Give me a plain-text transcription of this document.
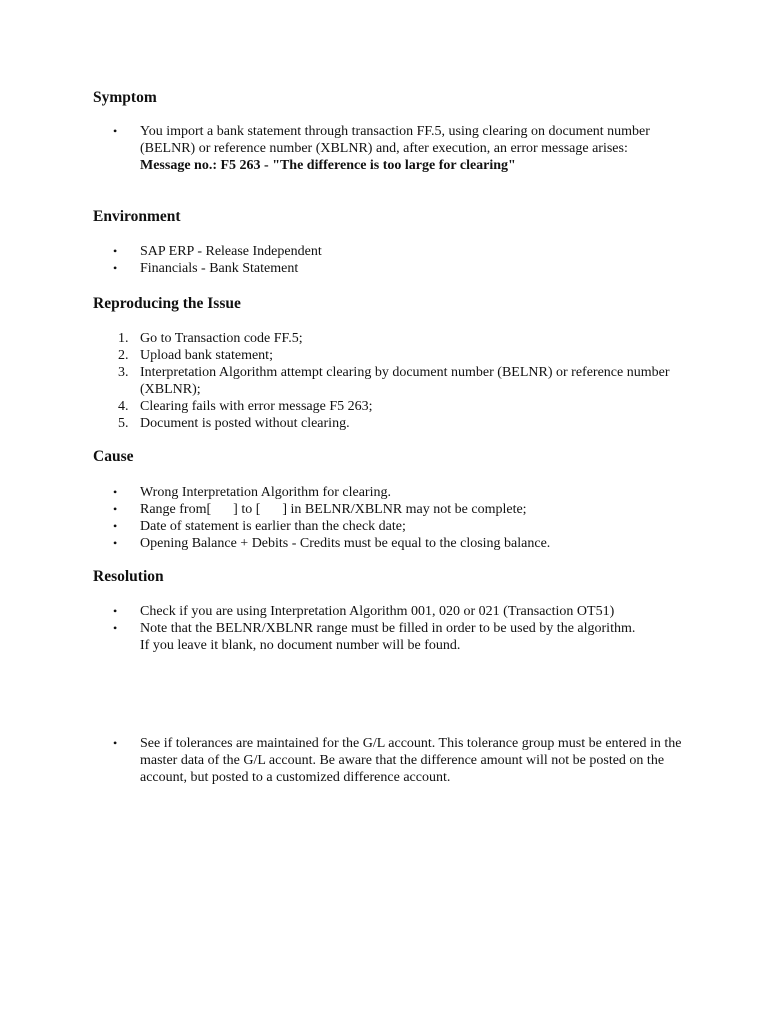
Symptom
• You import a bank statement through transaction FF.5, using clearing on document number (BELNR) or reference number (XBLNR) and, after execution, an error message arises:
Message no.: F5 263 - "The difference is too large for clearing"
Environment
• SAP ERP - Release Independent
• Financials - Bank Statement
Reproducing the Issue
1. Go to Transaction code FF.5;
2. Upload bank statement;
3. Interpretation Algorithm attempt clearing by document number (BELNR) or reference number (XBLNR);
4. Clearing fails with error message F5 263;
5. Document is posted without clearing.
Cause
• Wrong Interpretation Algorithm for clearing.
• Range from[ ] to [ ] in BELNR/XBLNR may not be complete;
• Date of statement is earlier than the check date;
• Opening Balance + Debits - Credits must be equal to the closing balance.
Resolution
• Check if you are using Interpretation Algorithm 001, 020 or 021 (Transaction OT51)
• Note that the BELNR/XBLNR range must be filled in order to be used by the algorithm.
If you leave it blank, no document number will be found.
• See if tolerances are maintained for the G/L account. This tolerance group must be entered in the master data of the G/L account. Be aware that the difference amount will not be posted on the account, but posted to a customized difference account.
